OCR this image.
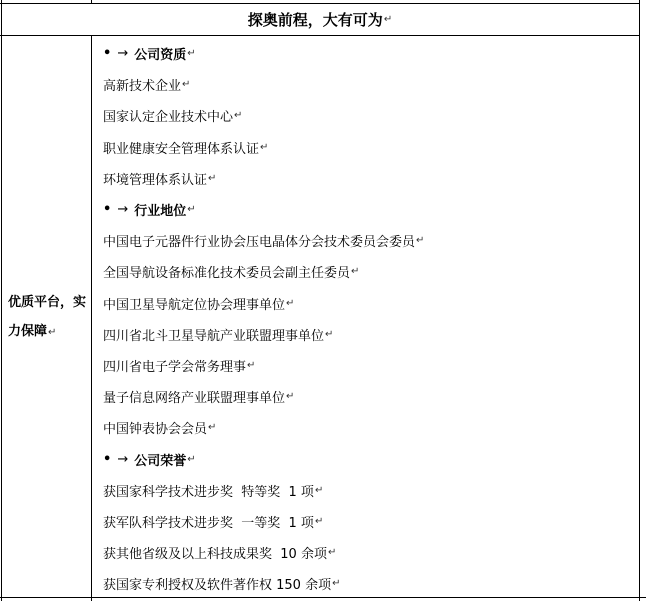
探奥前程，大有可为 ↵
优质平台，实力保障↵
• → 公司资质 ↵
高新技术企业 ↵
国家认定企业技术中心 ↵
职业健康安全管理体系认证 ↵
环境管理体系认证 ↵
• → 行业地位 ↵
中国电子元器件行业协会压电晶体分会技术委员会委员 ↵
全国导航设备标准化技术委员会副主任委员 ↵
中国卫星导航定位协会理事单位 ↵
四川省北斗卫星导航产业联盟理事单位 ↵
四川省电子学会常务理事 ↵
量子信息网络产业联盟理事单位 ↵
中国钟表协会会员 ↵
• → 公司荣誉 ↵
获国家科学技术进步奖  特等奖  1 项 ↵
获军队科学技术进步奖  一等奖  1 项 ↵
获其他省级及以上科技成果奖  10 余项 ↵
获国家专利授权及软件著作权 150 余项 ↵
